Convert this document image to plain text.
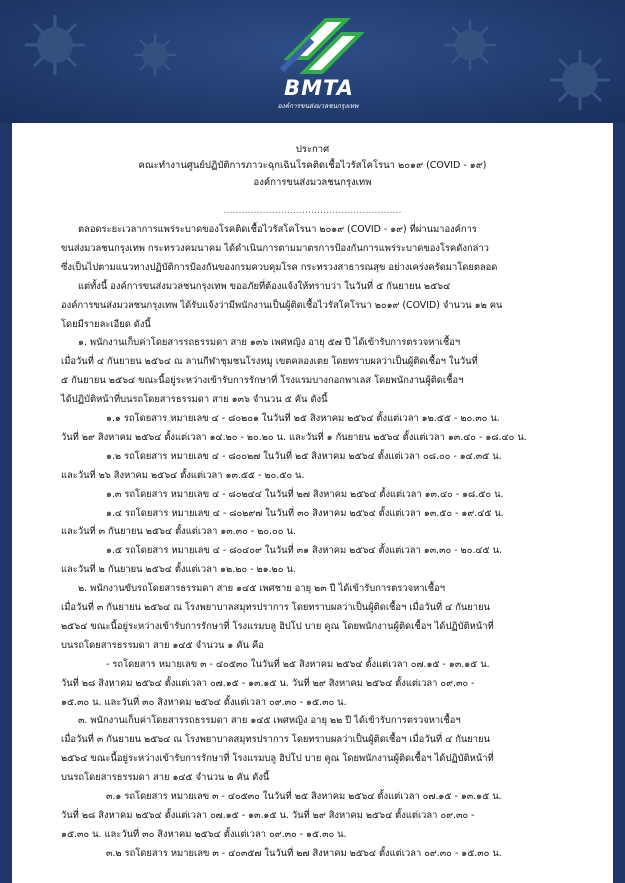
BMTA
องค์การขนส่งมวลชนกรุงเทพ
ประกาศ
คณะทำงานศูนย์ปฏิบัติการภาวะฉุกเฉินโรคติดเชื้อไวรัสโคโรนา ๒๐๑๙ (COVID - ๑๙)
องค์การขนส่งมวลชนกรุงเทพ
...........................................................
ตลอดระยะเวลาการแพร่ระบาดของโรคติดเชื้อไวรัสโคโรนา ๒๐๑๙ (COVID - ๑๙) ที่ผ่านมาองค์การ
ขนส่งมวลชนกรุงเทพ กระทรวงคมนาคม ได้ดำเนินการตามมาตรการป้องกันการแพร่ระบาดของโรคดังกล่าว
ซึ่งเป็นไปตามแนวทางปฏิบัติการป้องกันของกรมควบคุมโรค กระทรวงสาธารณสุข อย่างเคร่งครัดมาโดยตลอด
แต่ทั้งนี้ องค์การขนส่งมวลชนกรุงเทพ ขออภัยที่ต้องแจ้งให้ทราบว่า ในวันที่ ๕ กันยายน ๒๕๖๔
องค์การขนส่งมวลชนกรุงเทพ ได้รับแจ้งว่ามีพนักงานเป็นผู้ติดเชื้อไวรัสโคโรนา ๒๐๑๙ (COVID) จำนวน ๑๒ คน
โดยมีรายละเอียด ดังนี้
๑. พนักงานเก็บค่าโดยสารรถธรรมดา สาย ๑๓๖ เพศหญิง อายุ ๕๗ ปี ได้เข้ารับการตรวจหาเชื้อฯ
เมื่อวันที่ ๔ กันยายน ๒๕๖๔ ณ ลานกีฬาชุมชนโรงหมู เขตคลองเตย โดยทราบผลว่าเป็นผู้ติดเชื้อฯ ในวันที่
๕ กันยายน ๒๕๖๔ ขณะนี้อยู่ระหว่างเข้ารับการรักษาที่ โรงแรมบางกอกพาเลส โดยพนักงานผู้ติดเชื้อฯ
ได้ปฏิบัติหน้าที่บนรถโดยสารธรรมดา สาย ๑๓๖ จำนวน ๕ คัน ดังนี้
๑.๑ รถโดยสาร หมายเลข ๔ - ๘๐๒๐๑ ในวันที่ ๒๕ สิงหาคม ๒๕๖๔ ตั้งแต่เวลา ๑๒.๕๕ - ๒๐.๓๐ น.
วันที่ ๒๙ สิงหาคม ๒๕๖๔ ตั้งแต่เวลา ๑๔.๒๐ - ๒๐.๒๐ น. และวันที่ ๑ กันยายน ๒๕๖๔ ตั้งแต่เวลา ๑๓.๔๐ - ๑๘.๔๐ น.
๑.๒ รถโดยสาร หมายเลข ๔ - ๘๐๐๒๗ ในวันที่ ๒๕ สิงหาคม ๒๕๖๔ ตั้งแต่เวลา ๐๘.๐๐ - ๑๔.๓๕ น.
และวันที่ ๒๖ สิงหาคม ๒๕๖๔ ตั้งแต่เวลา ๑๓.๕๕ - ๒๐.๕๐ น.
๑.๓ รถโดยสาร หมายเลข ๔ - ๘๐๒๔๔ ในวันที่ ๒๗ สิงหาคม ๒๕๖๔ ตั้งแต่เวลา ๑๓.๔๐ - ๑๘.๕๐ น.
๑.๔ รถโดยสาร หมายเลข ๔ - ๘๐๒๙๗ ในวันที่ ๓๐ สิงหาคม ๒๕๖๔ ตั้งแต่เวลา ๑๓.๕๐ - ๑๙.๔๕ น.
และวันที่ ๓ กันยายน ๒๕๖๔ ตั้งแต่เวลา ๑๓.๓๐ - ๒๐.๐๐ น.
๑.๕ รถโดยสาร หมายเลข ๔ - ๘๐๔๐๙ ในวันที่ ๓๑ สิงหาคม ๒๕๖๔ ตั้งแต่เวลา ๑๓.๓๐ - ๒๐.๔๕ น.
และวันที่ ๒ กันยายน ๒๕๖๔ ตั้งแต่เวลา ๑๒.๒๐ - ๒๑.๒๐ น.
๒. พนักงานขับรถโดยสารธรรมดา สาย ๑๔๕ เพศชาย อายุ ๒๓ ปี ได้เข้ารับการตรวจหาเชื้อฯ
เมื่อวันที่ ๓ กันยายน ๒๕๖๔ ณ โรงพยาบาลสมุทรปราการ โดยทราบผลว่าเป็นผู้ติดเชื้อฯ เมื่อวันที่ ๔ กันยายน
๒๕๖๔ ขณะนี้อยู่ระหว่างเข้ารับการรักษาที่ โรงแรมบลู ฮิปโป บาย คูณ โดยพนักงานผู้ติดเชื้อฯ ได้ปฏิบัติหน้าที่
บนรถโดยสารธรรมดา สาย ๑๔๕ จำนวน ๑ คัน คือ
- รถโดยสาร หมายเลข ๓ - ๔๐๕๓๐ ในวันที่ ๒๕ สิงหาคม ๒๕๖๔ ตั้งแต่เวลา ๐๗.๑๕ - ๑๓.๑๕ น.
วันที่ ๒๘ สิงหาคม ๒๕๖๔ ตั้งแต่เวลา ๐๗.๑๕ - ๑๓.๑๕ น. วันที่ ๒๙ สิงหาคม ๒๕๖๔ ตั้งแต่เวลา ๐๙.๓๐ -
๑๕.๓๐ น. และวันที่ ๓๐ สิงหาคม ๒๕๖๔ ตั้งแต่เวลา ๐๙.๓๐ - ๑๕.๓๐ น.
๓. พนักงานเก็บค่าโดยสารรถธรรมดา สาย ๑๔๕ เพศหญิง อายุ ๒๒ ปี ได้เข้ารับการตรวจหาเชื้อฯ
เมื่อวันที่ ๓ กันยายน ๒๕๖๔ ณ โรงพยาบาลสมุทรปราการ โดยทราบผลว่าเป็นผู้ติดเชื้อฯ เมื่อวันที่ ๔ กันยายน
๒๕๖๔ ขณะนี้อยู่ระหว่างเข้ารับการรักษาที่ โรงแรมบลู ฮิปโป บาย คูณ โดยพนักงานผู้ติดเชื้อฯ ได้ปฏิบัติหน้าที่
บนรถโดยสารธรรมดา สาย ๑๔๕ จำนวน ๒ คัน ดังนี้
๓.๑ รถโดยสาร หมายเลข ๓ - ๔๐๕๓๐ ในวันที่ ๒๕ สิงหาคม ๒๕๖๔ ตั้งแต่เวลา ๐๗.๑๕ - ๑๓.๑๕ น.
วันที่ ๒๘ สิงหาคม ๒๕๖๔ ตั้งแต่เวลา ๐๗.๑๕ - ๑๓.๑๕ น. วันที่ ๒๙ สิงหาคม ๒๕๖๔ ตั้งแต่เวลา ๐๙.๓๐ -
๑๕.๓๐ น. และวันที่ ๓๐ สิงหาคม ๒๕๖๔ ตั้งแต่เวลา ๐๙.๓๐ - ๑๕.๓๐ น.
๓.๒ รถโดยสาร หมายเลข ๓ - ๔๐๓๕๗ ในวันที่ ๒๗ สิงหาคม ๒๕๖๔ ตั้งแต่เวลา ๐๙.๓๐ - ๑๕.๓๐ น.
